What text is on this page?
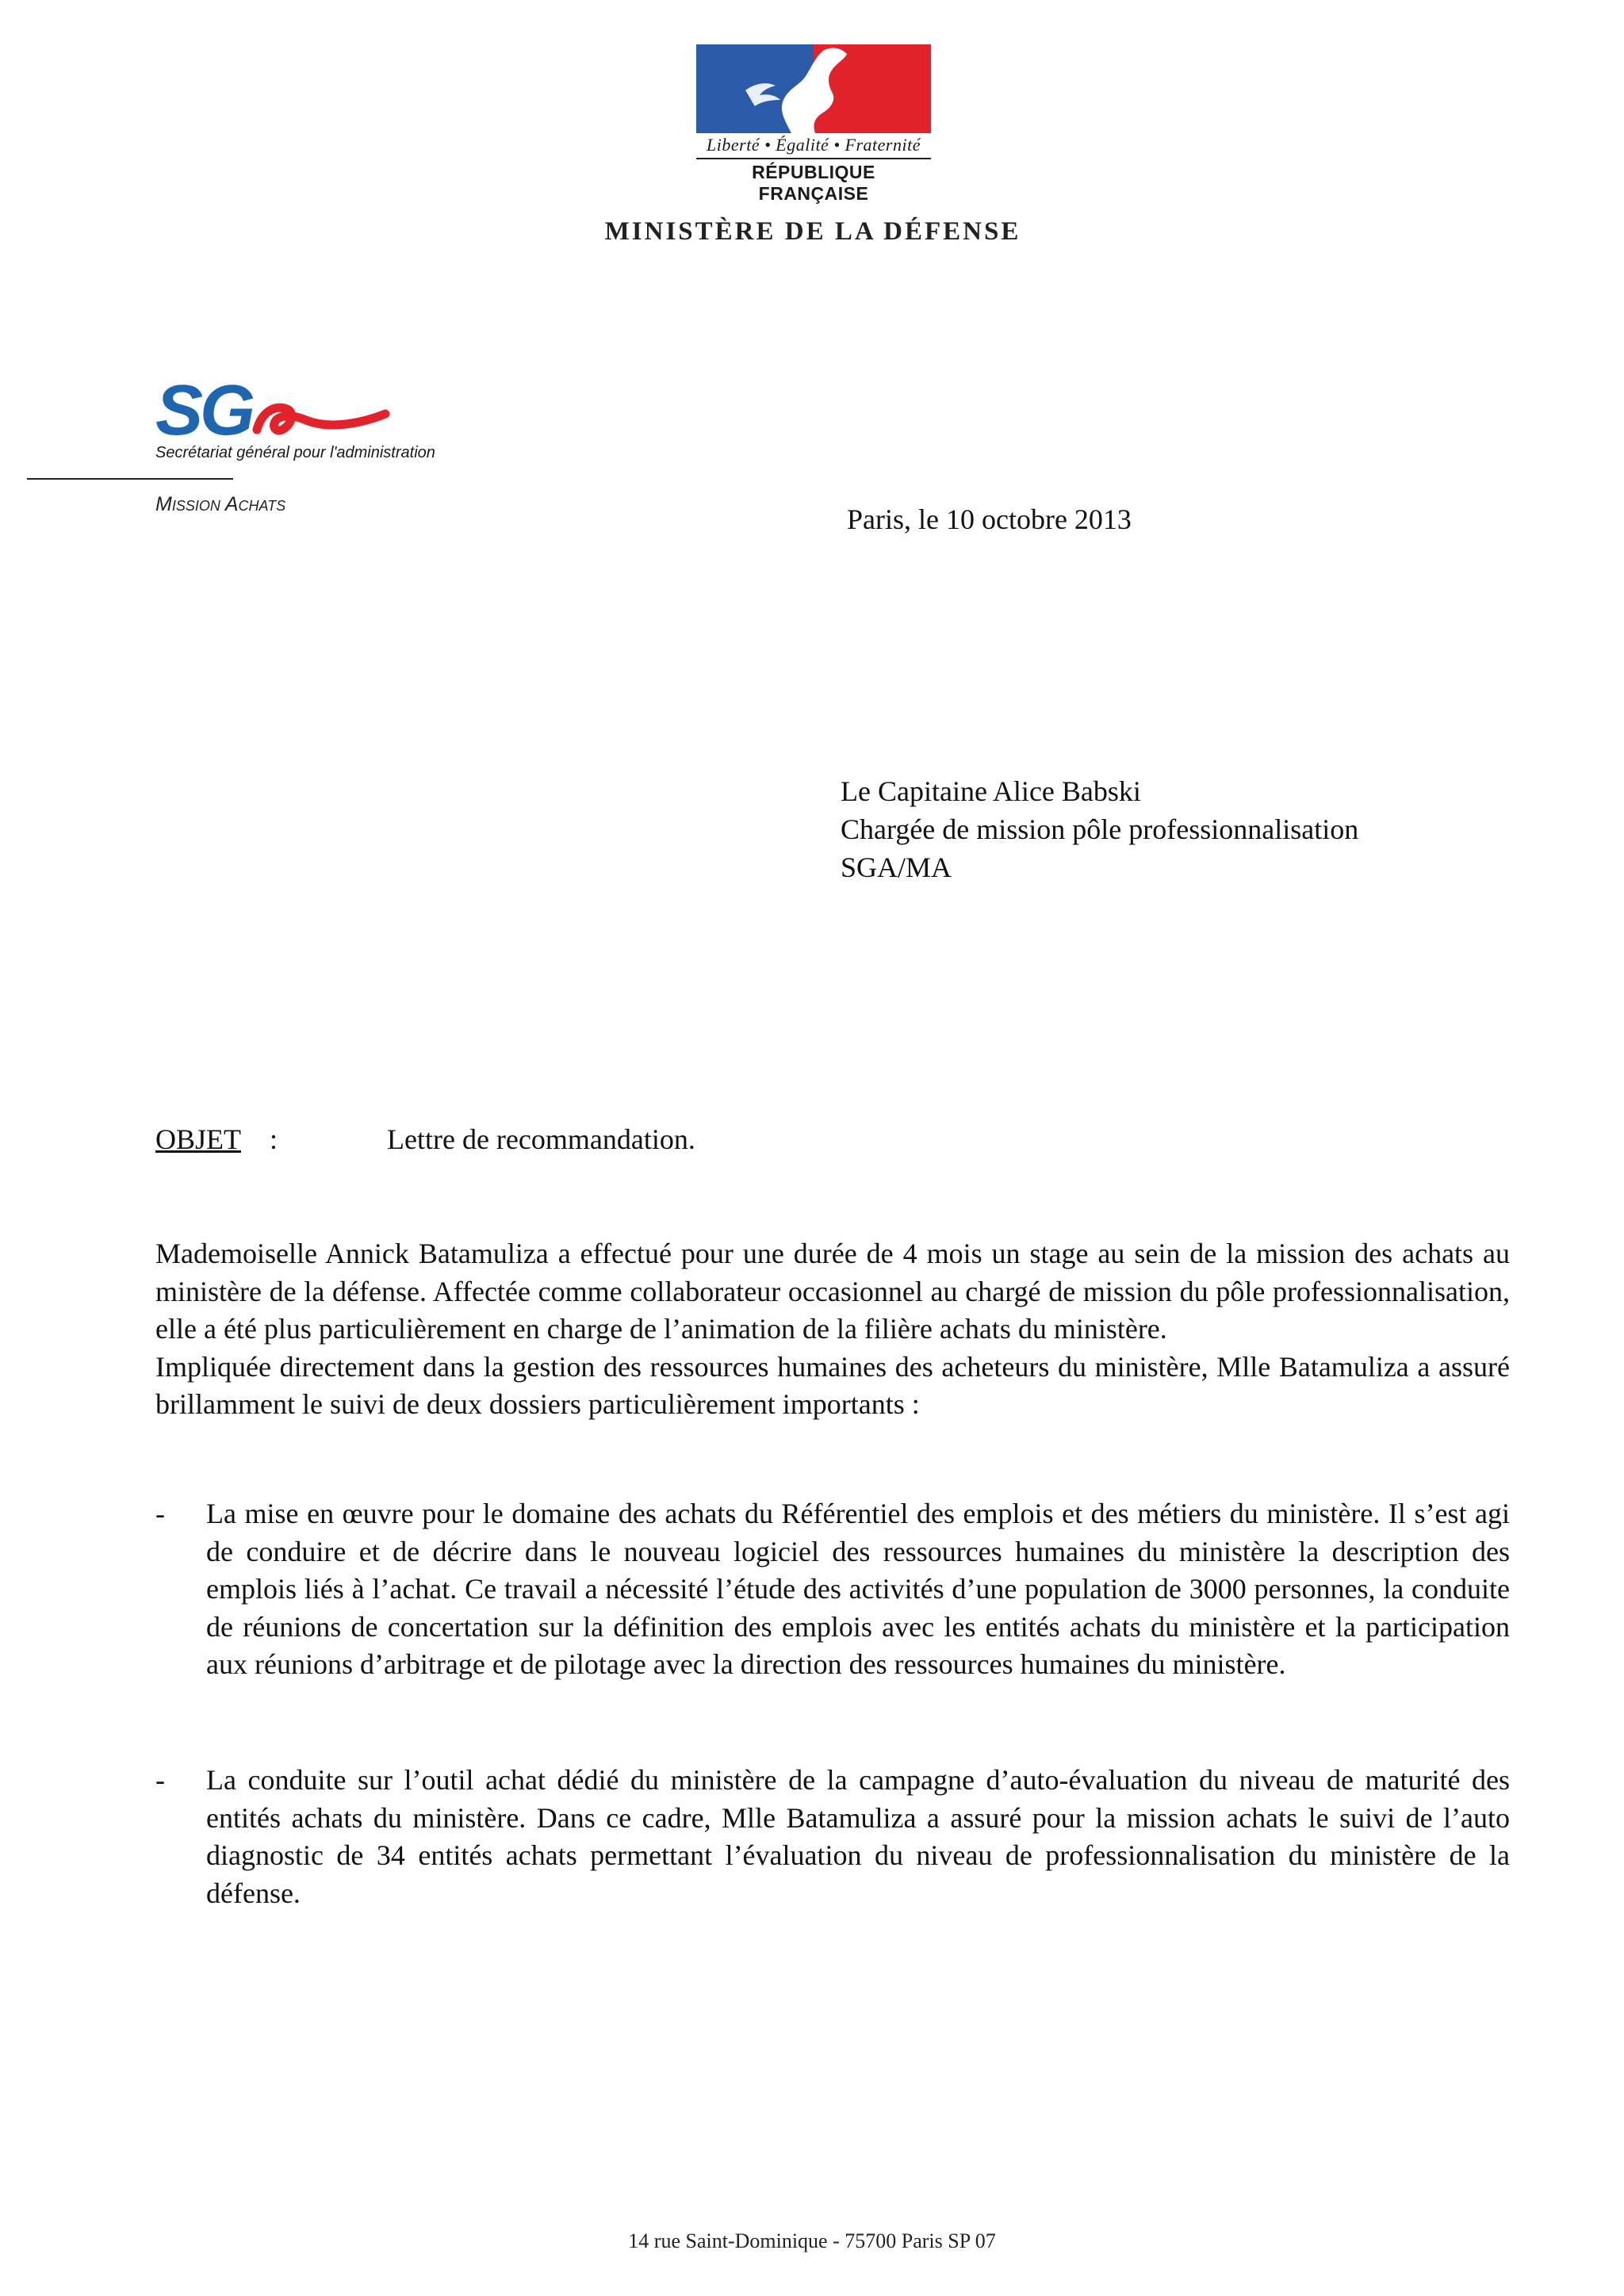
Liberté • Égalité • Fraternité
RÉPUBLIQUE FRANÇAISE
MINISTÈRE DE LA DÉFENSE
SG
Secrétariat général pour l'administration
Mission Achats	Paris, le 10 octobre 2013
Le Capitaine Alice Babski
Chargée de mission pôle professionnalisation
SGA/MA
OBJET :	Lettre de recommandation.

Mademoiselle Annick Batamuliza a effectué pour une durée de 4 mois un stage au sein de la mission des achats au ministère de la défense. Affectée comme collaborateur occasionnel au chargé de mission du pôle professionnalisation, elle a été plus particulièrement en charge de l’animation de la filière achats du ministère.

Impliquée directement dans la gestion des ressources humaines des acheteurs du ministère, Mlle Batamuliza a assuré brillamment le suivi de deux dossiers particulièrement importants :

- La mise en œuvre pour le domaine des achats du Référentiel des emplois et des métiers du ministère. Il s’est agi de conduire et de décrire dans le nouveau logiciel des ressources humaines du ministère la description des emplois liés à l’achat. Ce travail a nécessité l’étude des activités d’une population de 3000 personnes, la conduite de réunions de concertation sur la définition des emplois avec les entités achats du ministère et la participation aux réunions d’arbitrage et de pilotage avec la direction des ressources humaines du ministère.
- La conduite sur l’outil achat dédié du ministère de la campagne d’auto-évaluation du niveau de maturité des entités achats du ministère. Dans ce cadre, Mlle Batamuliza a assuré pour la mission achats le suivi de l’auto diagnostic de 34 entités achats permettant l’évaluation du niveau de professionnalisation du ministère de la défense.
14 rue Saint-Dominique - 75700 Paris SP 07
